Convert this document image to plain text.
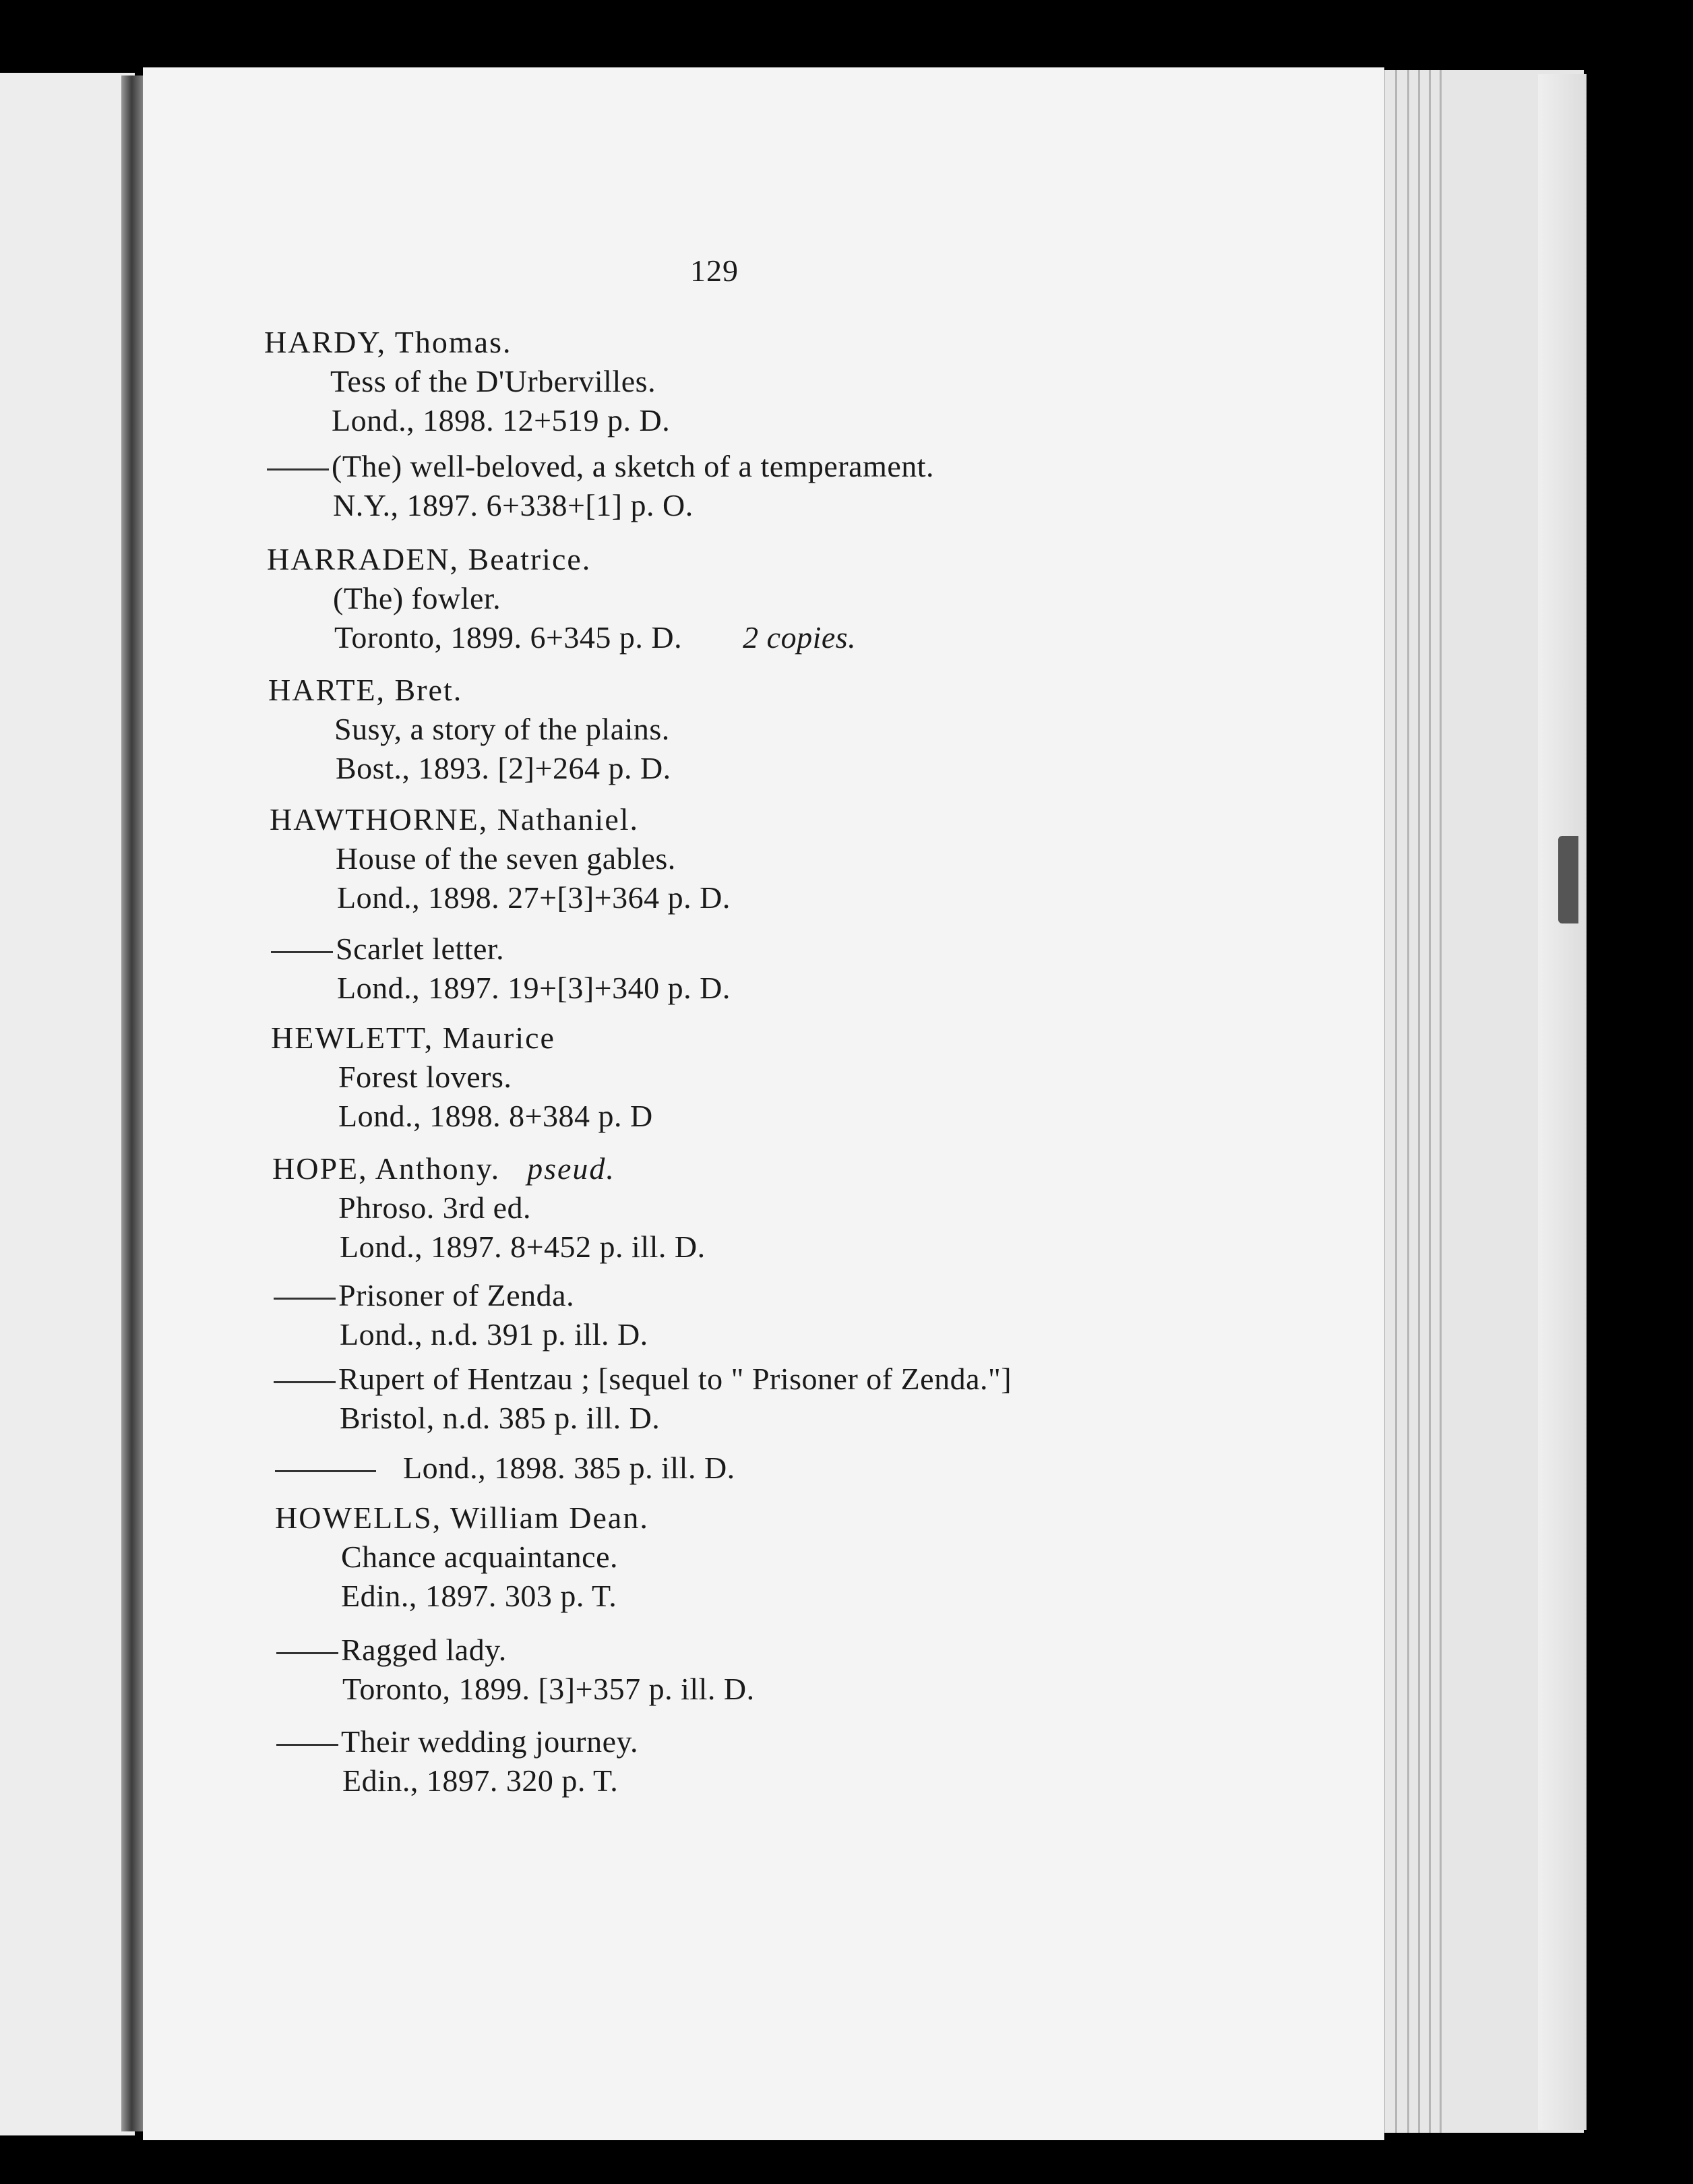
129
HARDY, Thomas.
Tess of the D'Urbervilles.
Lond., 1898. 12+519 p. D.
(The) well-beloved, a sketch of a temperament.
N.Y., 1897. 6+338+[1] p. O.
HARRADEN, Beatrice.
(The) fowler.
Toronto, 1899. 6+345 p. D. 2 copies.
HARTE, Bret.
Susy, a story of the plains.
Bost., 1893. [2]+264 p. D.
HAWTHORNE, Nathaniel.
House of the seven gables.
Lond., 1898. 27+[3]+364 p. D.
Scarlet letter.
Lond., 1897. 19+[3]+340 p. D.
HEWLETT, Maurice
Forest lovers.
Lond., 1898. 8+384 p. D
HOPE, Anthony. pseud.
Phroso. 3rd ed.
Lond., 1897. 8+452 p. ill. D.
Prisoner of Zenda.
Lond., n.d. 391 p. ill. D.
Rupert of Hentzau ; [sequel to " Prisoner of Zenda."]
Bristol, n.d. 385 p. ill. D.
Lond., 1898. 385 p. ill. D.
HOWELLS, William Dean.
Chance acquaintance.
Edin., 1897. 303 p. T.
Ragged lady.
Toronto, 1899. [3]+357 p. ill. D.
Their wedding journey.
Edin., 1897. 320 p. T.
